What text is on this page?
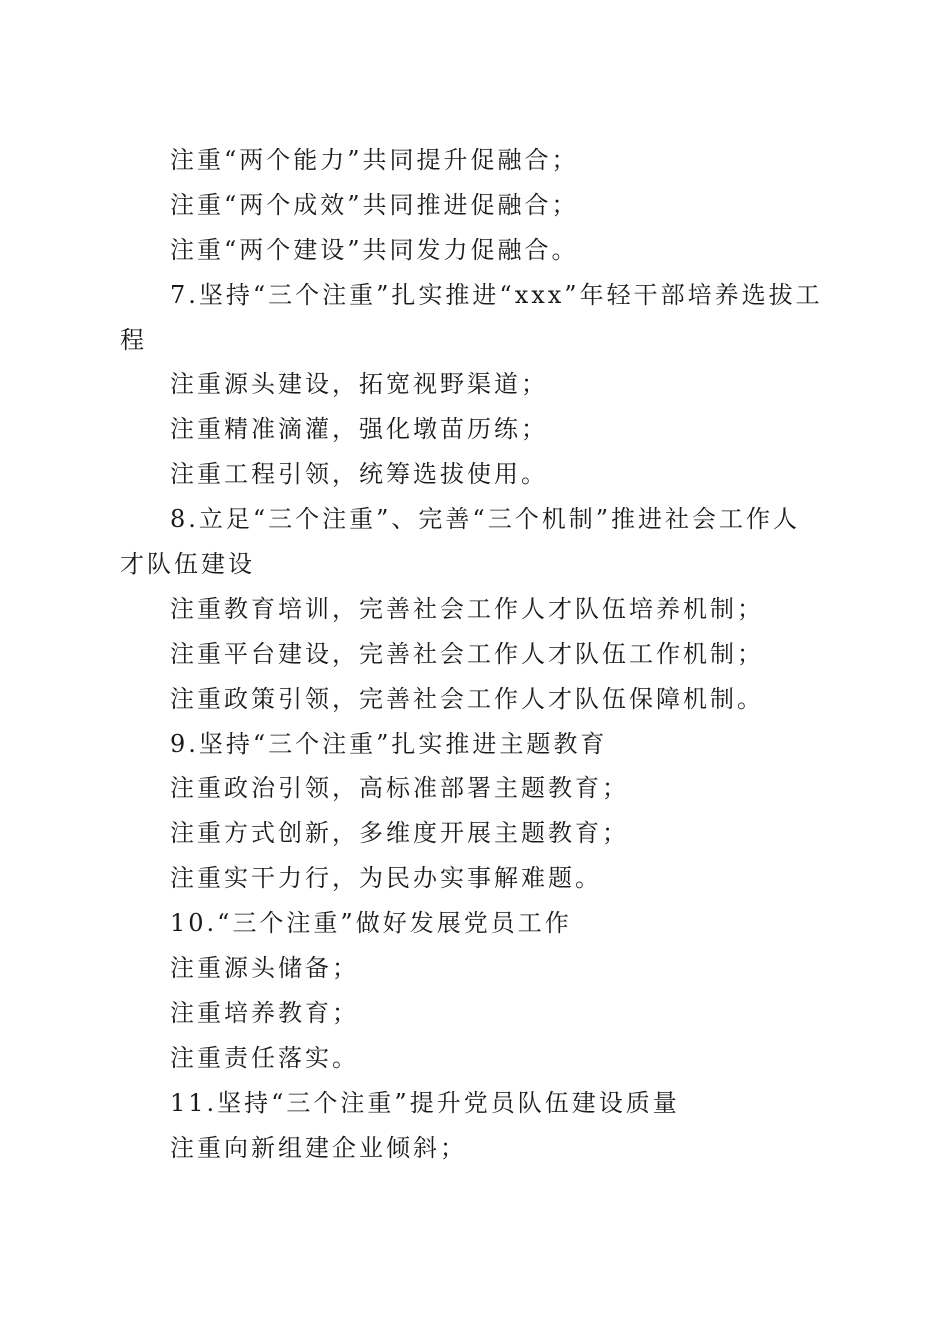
注重“两个能力”共同提升促融合；
注重“两个成效”共同推进促融合；
注重“两个建设”共同发力促融合。
7.坚持“三个注重”扎实推进“xxx”年轻干部培养选拔工
程
注重源头建设，拓宽视野渠道；
注重精准滴灌，强化墩苗历练；
注重工程引领，统筹选拔使用。
8.立足“三个注重”、完善“三个机制”推进社会工作人
才队伍建设
注重教育培训，完善社会工作人才队伍培养机制；
注重平台建设，完善社会工作人才队伍工作机制；
注重政策引领，完善社会工作人才队伍保障机制。
9.坚持“三个注重”扎实推进主题教育
注重政治引领，高标准部署主题教育；
注重方式创新，多维度开展主题教育；
注重实干力行，为民办实事解难题。
10.“三个注重”做好发展党员工作
注重源头储备；
注重培养教育；
注重责任落实。
11.坚持“三个注重”提升党员队伍建设质量
注重向新组建企业倾斜；
